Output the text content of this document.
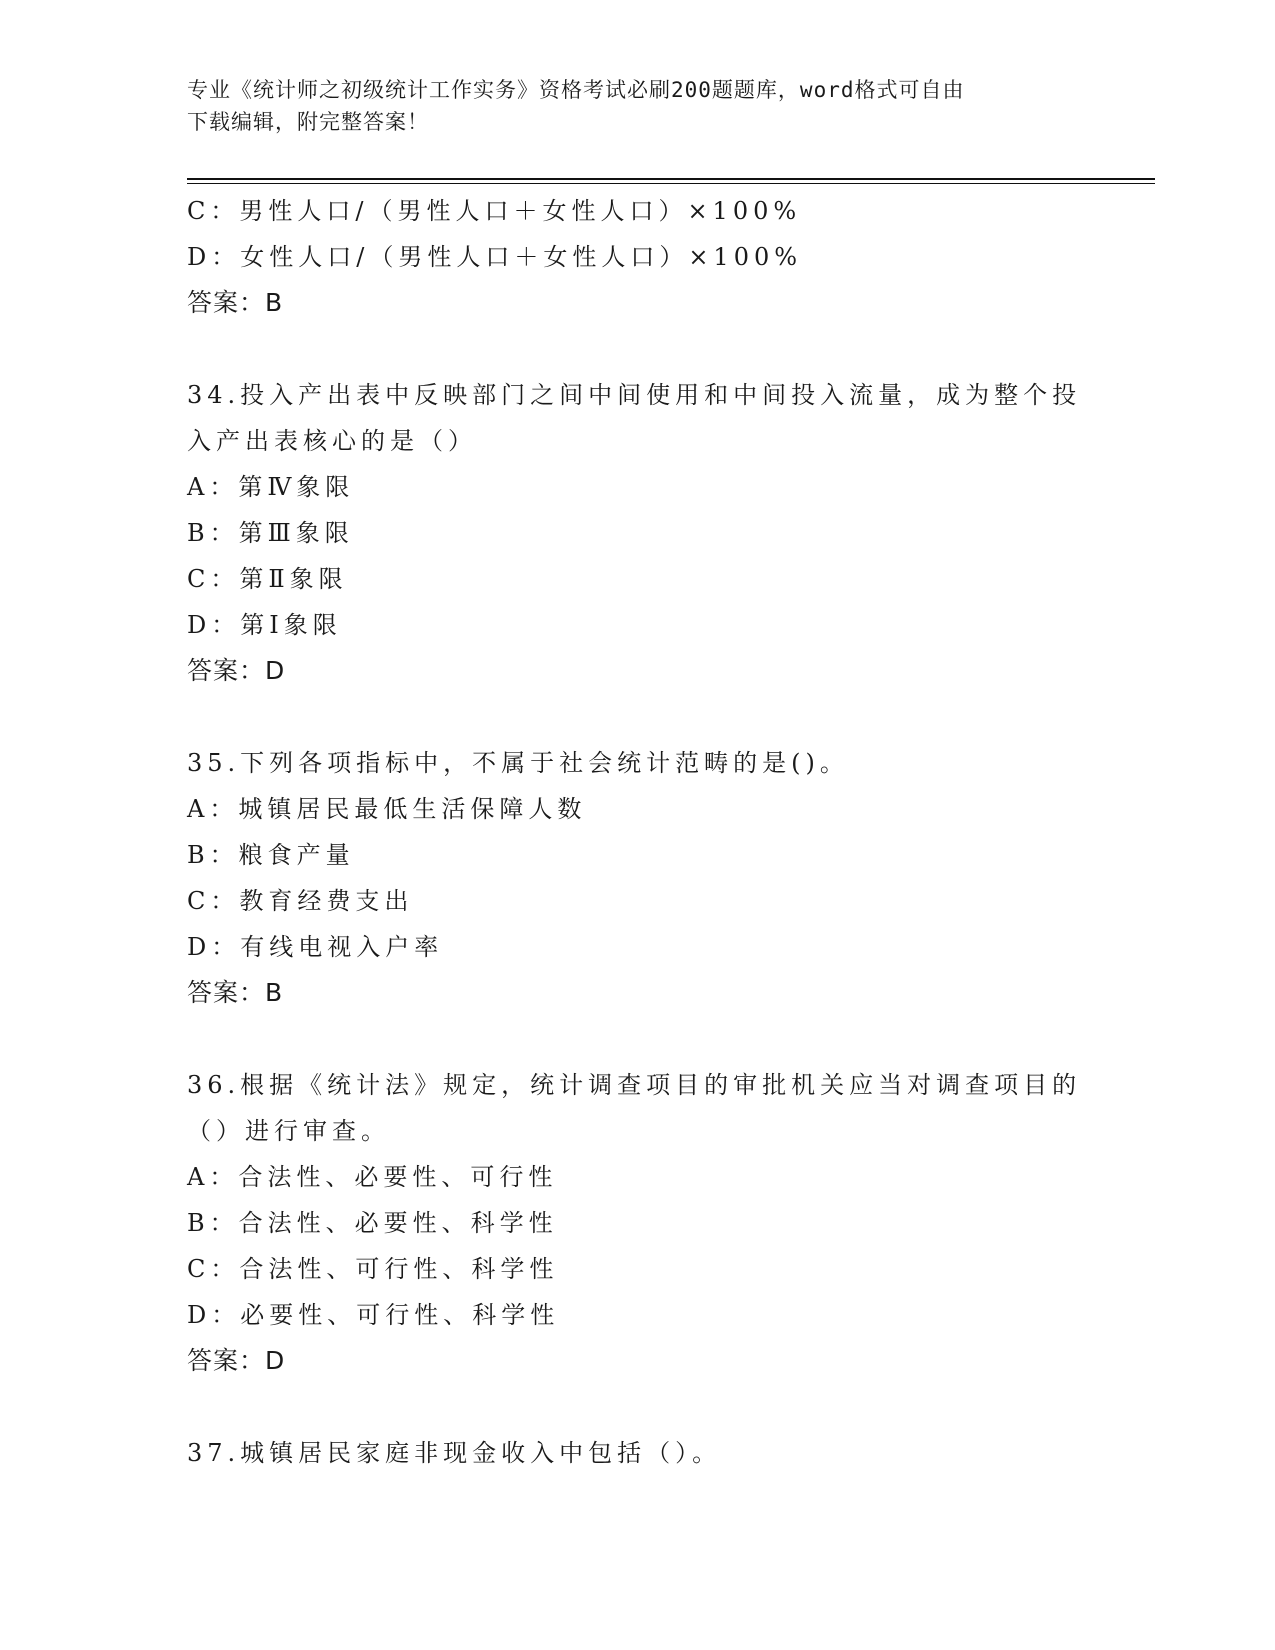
专业《统计师之初级统计工作实务》资格考试必刷200题题库，word格式可自由
下载编辑，附完整答案！
C：男性人口/（男性人口＋女性人口）×100%
D：女性人口/（男性人口＋女性人口）×100%
答案：B
34.投入产出表中反映部门之间中间使用和中间投入流量，成为整个投
入产出表核心的是（）
A：第Ⅳ象限
B：第Ⅲ象限
C：第Ⅱ象限
D：第Ⅰ象限
答案：D
35.下列各项指标中，不属于社会统计范畴的是()。
A：城镇居民最低生活保障人数
B：粮食产量
C：教育经费支出
D：有线电视入户率
答案：B
36.根据《统计法》规定，统计调查项目的审批机关应当对调查项目的
（）进行审查。
A：合法性、必要性、可行性
B：合法性、必要性、科学性
C：合法性、可行性、科学性
D：必要性、可行性、科学性
答案：D
37.城镇居民家庭非现金收入中包括（）。
